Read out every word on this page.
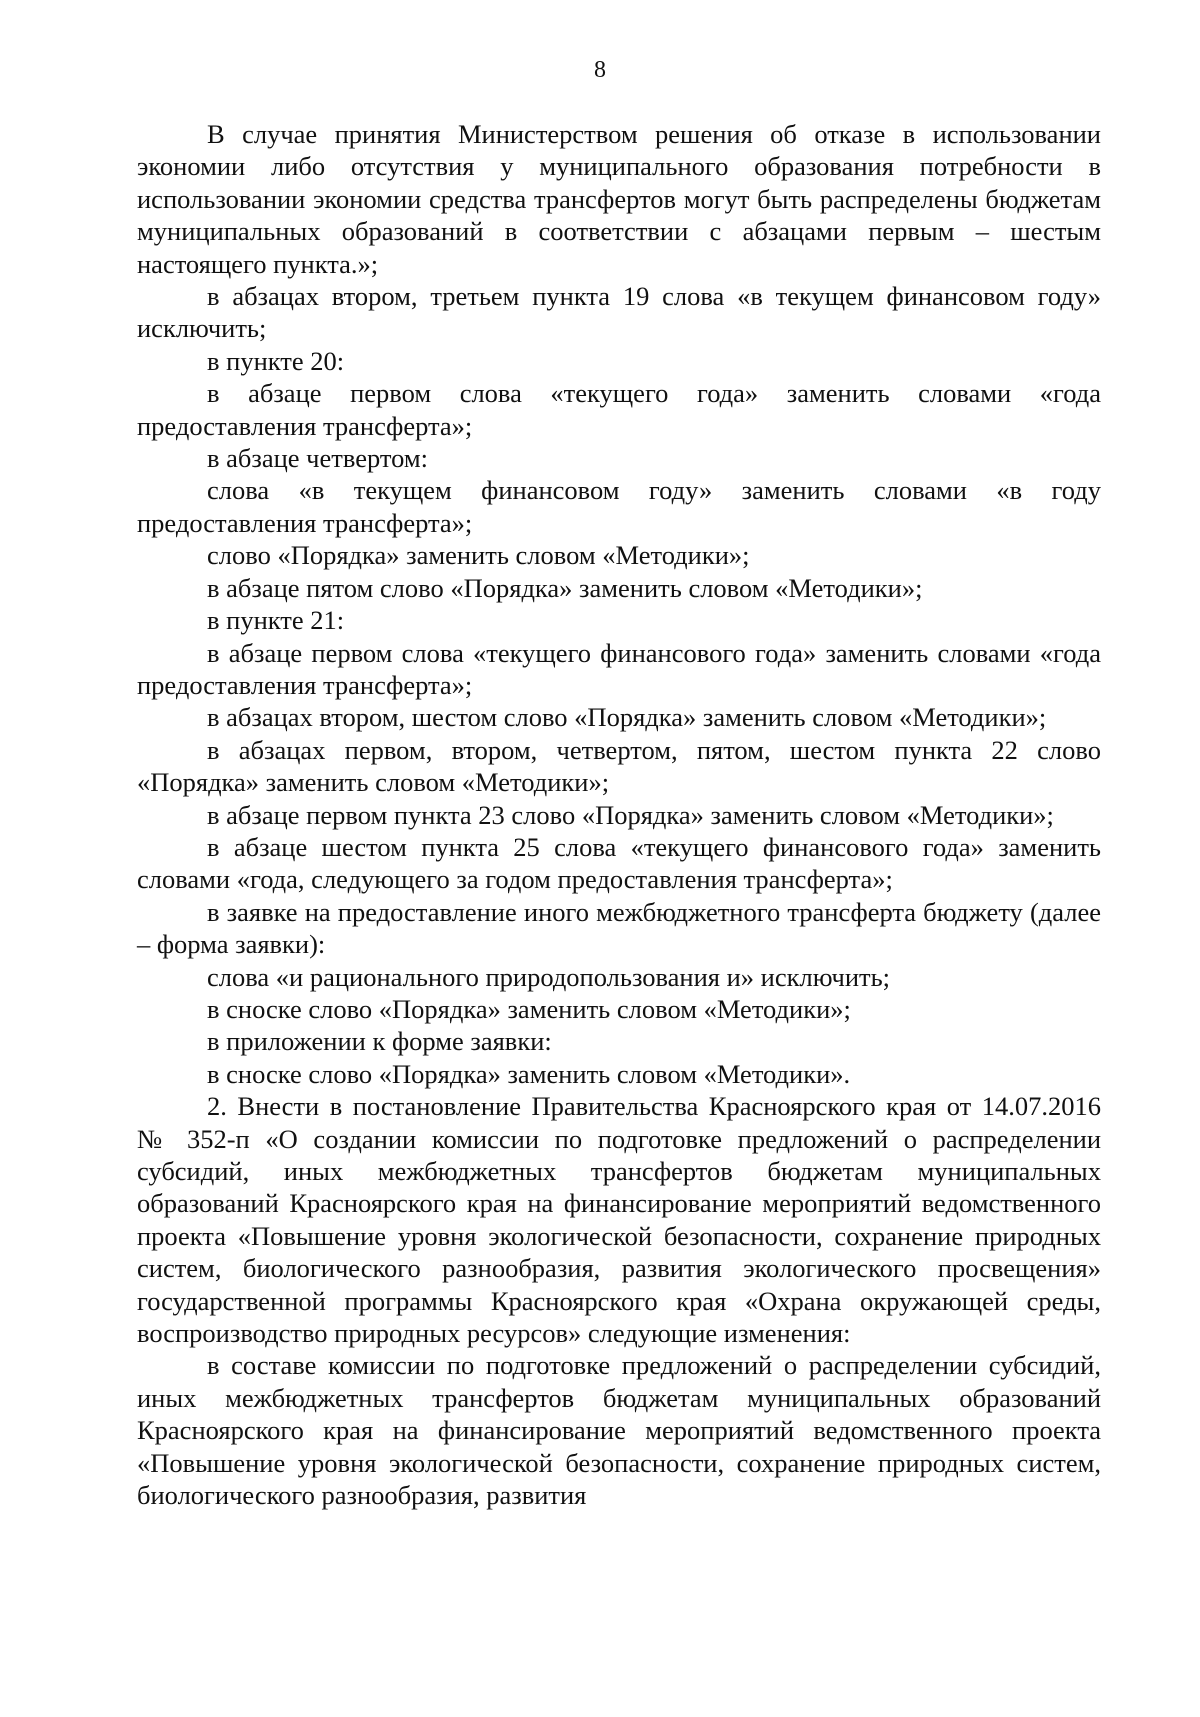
8

В случае принятия Министерством решения об отказе в использовании экономии либо отсутствия у муниципального образования потребности в использовании экономии средства трансфертов могут быть распределены бюджетам муниципальных образований в соответствии с абзацами первым – шестым настоящего пункта.»;

в абзацах втором, третьем пункта 19 слова «в текущем финансовом году» исключить;

в пункте 20:

в абзаце первом слова «текущего года» заменить словами «года предоставления трансферта»;

в абзаце четвертом:

слова «в текущем финансовом году» заменить словами «в году предоставления трансферта»;

слово «Порядка» заменить словом «Методики»;

в абзаце пятом слово «Порядка» заменить словом «Методики»;

в пункте 21:

в абзаце первом слова «текущего финансового года» заменить словами «года предоставления трансферта»;

в абзацах втором, шестом слово «Порядка» заменить словом «Методики»;

в абзацах первом, втором, четвертом, пятом, шестом пункта 22 слово «Порядка» заменить словом «Методики»;

в абзаце первом пункта 23 слово «Порядка» заменить словом «Методики»;

в абзаце шестом пункта 25 слова «текущего финансового года» заменить словами «года, следующего за годом предоставления трансферта»;

в заявке на предоставление иного межбюджетного трансферта бюджету (далее – форма заявки):

слова «и рационального природопользования и» исключить;

в сноске слово «Порядка» заменить словом «Методики»;

в приложении к форме заявки:

в сноске слово «Порядка» заменить словом «Методики».

2. Внести в постановление Правительства Красноярского края от 14.07.2016 № 352-п «О создании комиссии по подготовке предложений о распределении субсидий, иных межбюджетных трансфертов бюджетам муниципальных образований Красноярского края на финансирование мероприятий ведомственного проекта «Повышение уровня экологической безопасности, сохранение природных систем, биологического разнообразия, развития экологического просвещения» государственной программы Красноярского края «Охрана окружающей среды, воспроизводство природных ресурсов» следующие изменения:

в составе комиссии по подготовке предложений о распределении субсидий, иных межбюджетных трансфертов бюджетам муниципальных образований Красноярского края на финансирование мероприятий ведомственного проекта «Повышение уровня экологической безопасности, сохранение природных систем, биологического разнообразия, развития
